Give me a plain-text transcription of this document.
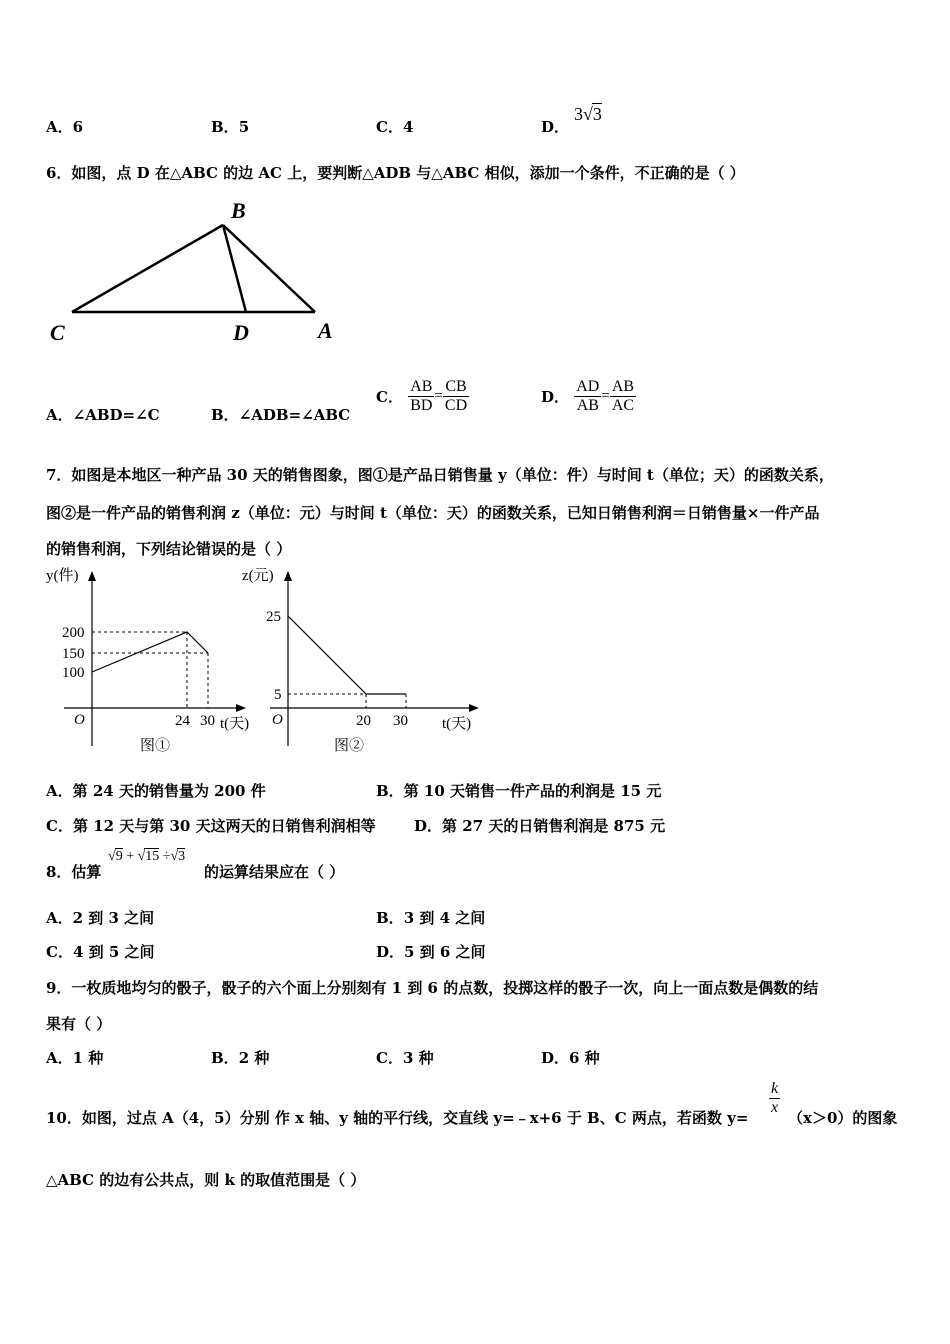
A．6	B．5	C．4	D．
3√3
6．如图，点 D 在△ABC 的边 AC 上，要判断△ADB 与△ABC 相似，添加一个条件，不正确的是（ ）
B
C	D	A
A．∠ABD=∠C	B．∠ADB=∠ABC
C． $\frac{AB}{BD} = \frac{CB}{CD}$	D． $\frac{AD}{AB} = \frac{AB}{AC}$
7．如图是本地区一种产品 30 天的销售图象，图①是产品日销售量 y（单位：件）与时间 t（单位；天）的函数关系，
图②是一件产品的销售利润 z（单位：元）与时间 t（单位：天）的函数关系，已知日销售利润＝日销售量×一件产品
的销售利润，下列结论错误的是（ ）
y(件)
200
150
100
O	24 30 t(天)
图①
z(元)
25
5
O	20 30 t(天)
图②
A．第 24 天的销售量为 200 件	B．第 10 天销售一件产品的利润是 15 元
C．第 12 天与第 30 天这两天的日销售利润相等	D．第 27 天的日销售利润是 875 元
8．估算
√9 + √15 ÷√3
的运算结果应在（ ）
A．2 到 3 之间	B．3 到 4 之间
C．4 到 5 之间	D．5 到 6 之间
9．一枚质地均匀的骰子，骰子的六个面上分别刻有 1 到 6 的点数，投掷这样的骰子一次，向上一面点数是偶数的结
果有（ ）
A．1 种	B．2 种	C．3 种	D．6 种
10．如图，过点 A（4，5）分别 作 x 轴、y 轴的平行线，交直线 y=﹣x+6 于 B、C 两点，若函数 y=
$\frac{k}{x}$
（x＞0）的图象
△ABC 的边有公共点，则 k 的取值范围是（ ）
